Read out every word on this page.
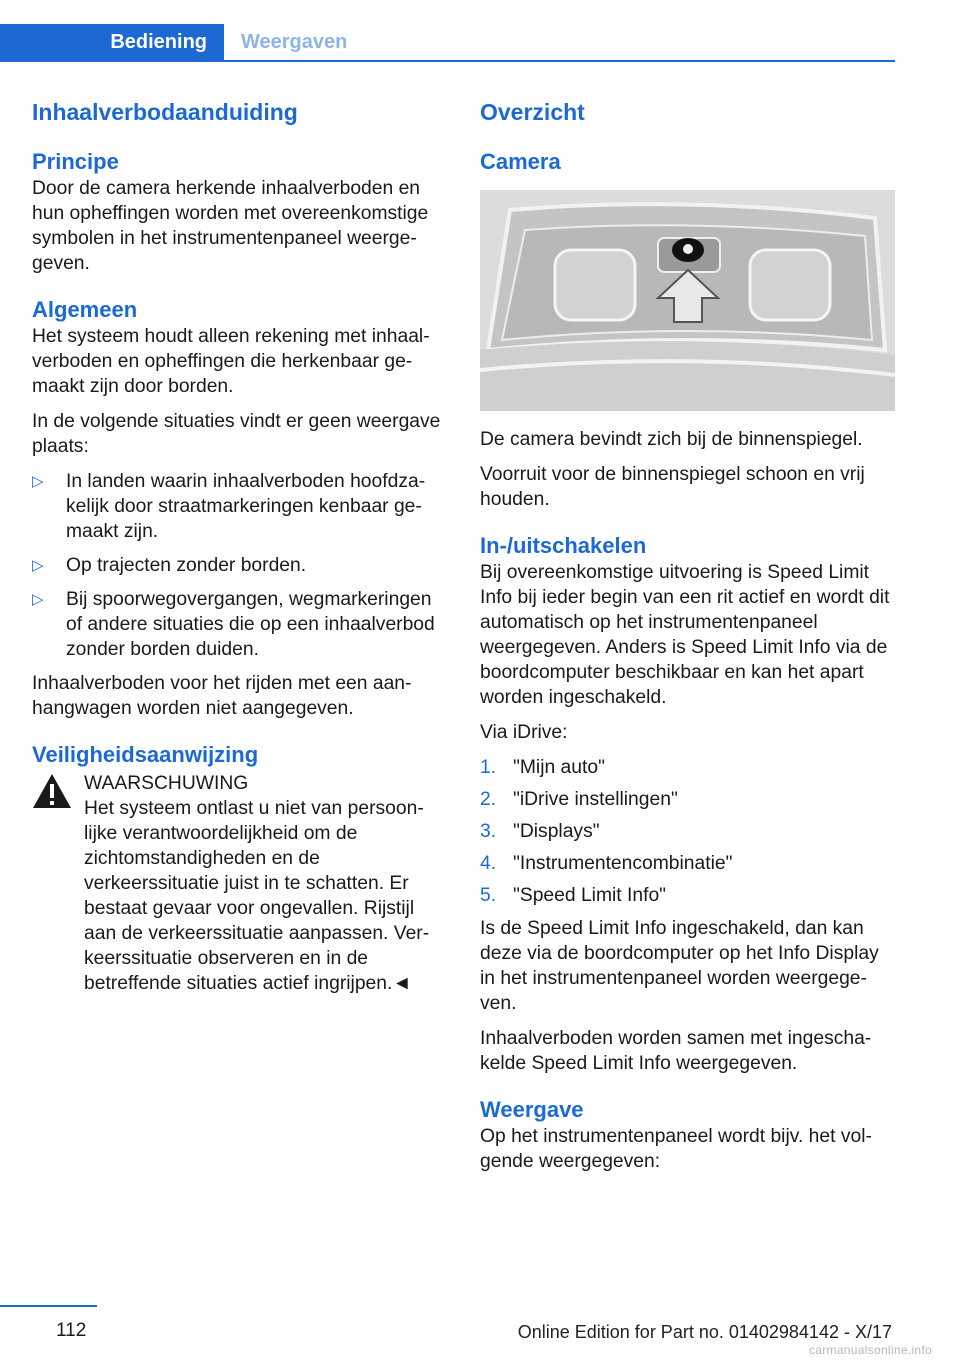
Bediening	Weergaven
Inhaalverbodaanduiding
Principe

Door de camera herkende inhaalverboden en hun opheffingen worden met overeenkomstige symbolen in het instrumentenpaneel weergegeven.

Algemeen

Het systeem houdt alleen rekening met inhaalverboden en opheffingen die herkenbaar gemaakt zijn door borden.

In de volgende situaties vindt er geen weergave plaats:

▷ In landen waarin inhaalverboden hoofdzakelijk door straatmarkeringen kenbaar gemaakt zijn.
▷ Op trajecten zonder borden.
▷ Bij spoorwegovergangen, wegmarkeringen of andere situaties die op een inhaalverbod zonder borden duiden.

Inhaalverboden voor het rijden met een aanhangwagen worden niet aangegeven.

Veiligheidsaanwijzing
WAARSCHUWING
Het systeem ontlast u niet van persoonlijke verantwoordelijkheid om de zichtomstandigheden en de verkeerssituatie juist in te schatten. Er bestaat gevaar voor ongevallen. Rijstijl aan de verkeerssituatie aanpassen. Verkeerssituatie observeren en in de betreffende situaties actief ingrijpen.◄
Overzicht
Camera

De camera bevindt zich bij de binnenspiegel.

Voorruit voor de binnenspiegel schoon en vrij houden.

In-/uitschakelen

Bij overeenkomstige uitvoering is Speed Limit Info bij ieder begin van een rit actief en wordt dit automatisch op het instrumentenpaneel weergegeven. Anders is Speed Limit Info via de boordcomputer beschikbaar en kan het apart worden ingeschakeld.

Via iDrive:

1. "Mijn auto"
2. "iDrive instellingen"
3. "Displays"
4. "Instrumentencombinatie"
5. "Speed Limit Info"

Is de Speed Limit Info ingeschakeld, dan kan deze via de boordcomputer op het Info Display in het instrumentenpaneel worden weergegeven.

Inhaalverboden worden samen met ingeschakelde Speed Limit Info weergegeven.

Weergave

Op het instrumentenpaneel wordt bijv. het volgende weergegeven:

112	Online Edition for Part no. 01402984142 - X/17
carmanualsonline.info
